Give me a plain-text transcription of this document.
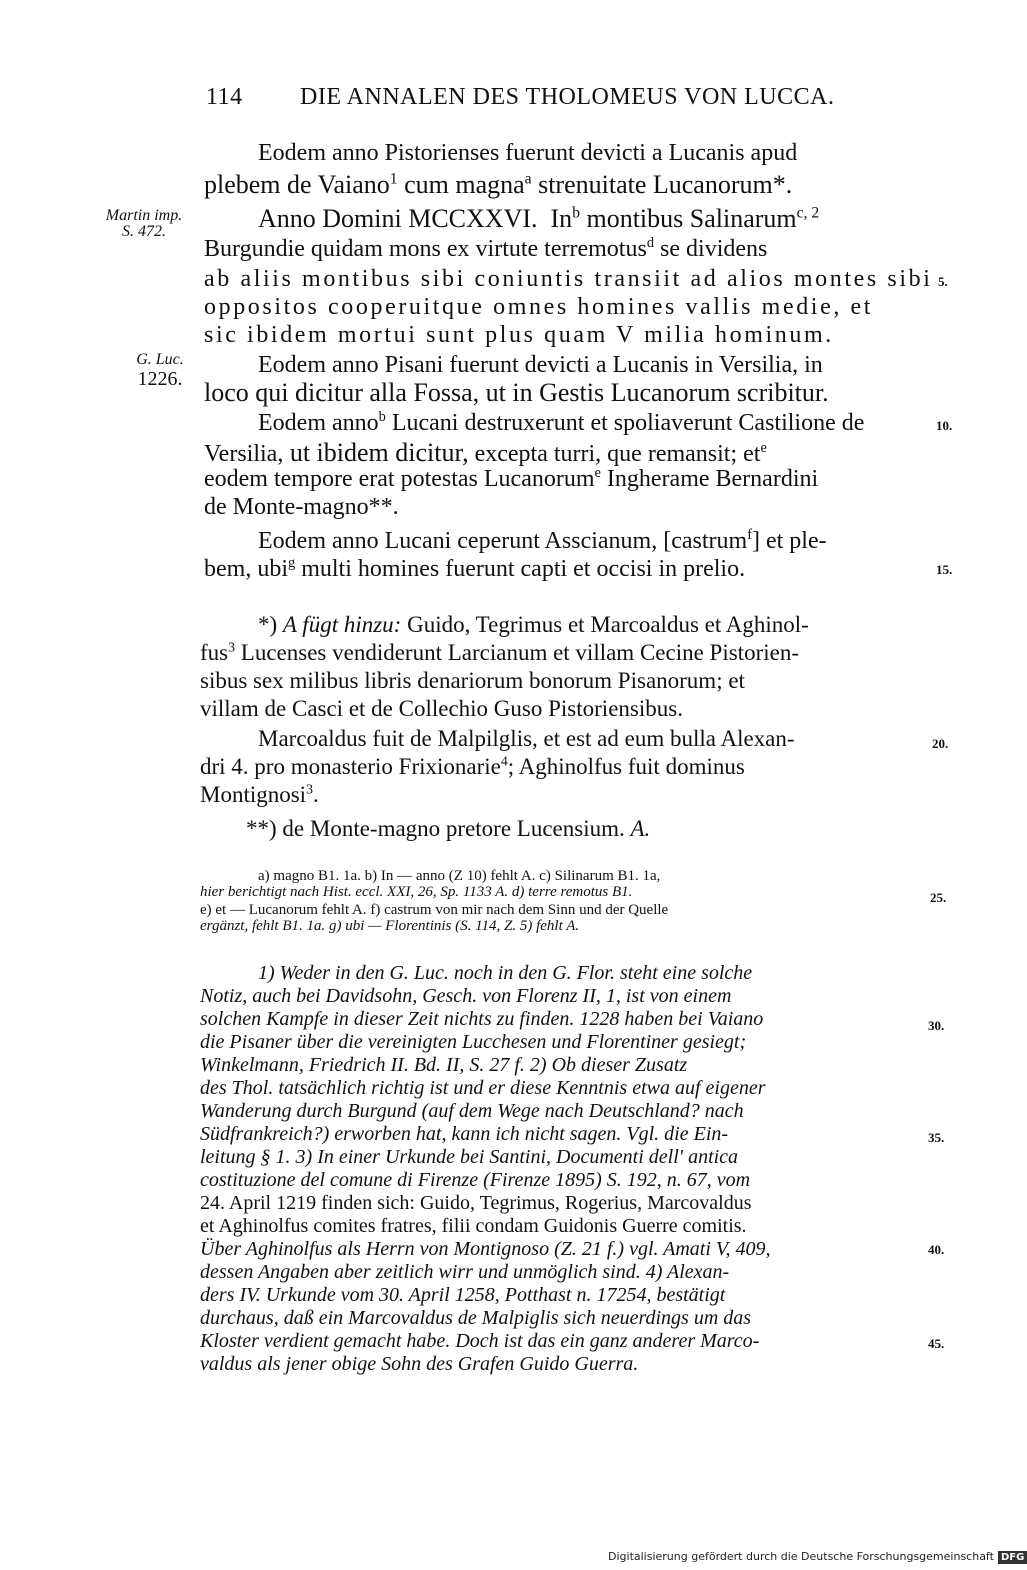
114 DIE ANNALEN DES THOLOMEUS VON LUCCA.
Martin imp.
S. 472.
G. Luc.
1226.
Eodem anno Pistorienses fuerunt devicti a Lucanis apud
plebem de Vaiano$^1$ cum magna$^a$ strenuitate Lucanorum*.
Anno Domini MCCXXVI. In$^b$ montibus Salinarum$^{c, 2}$
Burgundie quidam mons ex virtute terremotus$^d$ se dividens
ab aliis montibus sibi coniuntis transiit ad alios montes sibi
oppositos cooperuitque omnes homines vallis medie, et
sic ibidem mortui sunt plus quam V milia hominum.
Eodem anno Pisani fuerunt devicti a Lucanis in Versilia, in
loco qui dicitur alla Fossa, ut in Gestis Lucanorum scribitur.
Eodem anno$^b$ Lucani destruxerunt et spoliaverunt Castilione de
Versilia, ut ibidem dicitur, excepta turri, que remansit; $et^e$
eodem tempore erat potestas Lucanorum$^e$ Ingherame Bernardini
de Monte-magno**.
Eodem anno Lucani ceperunt Asscianum, [castrum$^f$] et ple-
bem, ubi$^g$ multi homines fuerunt capti et occisi in prelio.
5.
10.
15.
20.
25.
30.
35.
40.
45.
*) A fügt hinzu: Guido, Tegrimus et Marcoaldus et Aghinol-
fus$^3$ Lucenses vendiderunt Larcianum et villam Cecine Pistorien-
sibus sex milibus libris denariorum bonorum Pisanorum; et
villam de Casci et de Collechio Guso Pistoriensibus.
Marcoaldus fuit de Malpilglis, et est ad eum bulla Alexan-
dri 4. pro monasterio Frixionarie$^4$; Aghinolfus fuit dominus
Montignosi$^3$.
**) de Monte-magno pretore Lucensium. A.
a) magno B1. 1a. b) In — anno (Z 10) fehlt A. c) Silinarum B1. 1a,
hier berichtigt nach Hist. eccl. XXI, 26, Sp. 1133 A. d) terre remotus B1.
e) et — Lucanorum fehlt A. f) castrum von mir nach dem Sinn und der Quelle
ergänzt, fehlt B1. 1a. g) ubi — Florentinis (S. 114, Z. 5) fehlt A.
1) Weder in den G. Luc. noch in den G. Flor. steht eine solche
Notiz, auch bei Davidsohn, Gesch. von Florenz II, 1, ist von einem
solchen Kampfe in dieser Zeit nichts zu finden. 1228 haben bei Vaiano
die Pisaner über die vereinigten Lucchesen und Florentiner gesiegt;
Winkelmann, Friedrich II. Bd. II, S. 27 f. 2) Ob dieser Zusatz
des Thol. tatsächlich richtig ist und er diese Kenntnis etwa auf eigener
Wanderung durch Burgund (auf dem Wege nach Deutschland? nach
Südfrankreich?) erworben hat, kann ich nicht sagen. Vgl. die Ein-
leitung § 1. 3) In einer Urkunde bei Santini, Documenti dell' antica
costituzione del comune di Firenze (Firenze 1895) S. 192, n. 67, vom
24. April 1219 finden sich: Guido, Tegrimus, Rogerius, Marcovaldus
et Aghinolfus comites fratres, filii condam Guidonis Guerre comitis.
Über Aghinolfus als Herrn von Montignoso (Z. 21 f.) vgl. Amati V, 409,
dessen Angaben aber zeitlich wirr und unmöglich sind. 4) Alexan-
ders IV. Urkunde vom 30. April 1258, Potthast n. 17254, bestätigt
durchaus, daß ein Marcovaldus de Malpiglis sich neuerdings um das
Kloster verdient gemacht habe. Doch ist das ein ganz anderer Marco-
valdus als jener obige Sohn des Grafen Guido Guerra.
Digitalisierung gefördert durch die Deutsche Forschungsgemeinschaft DFG
